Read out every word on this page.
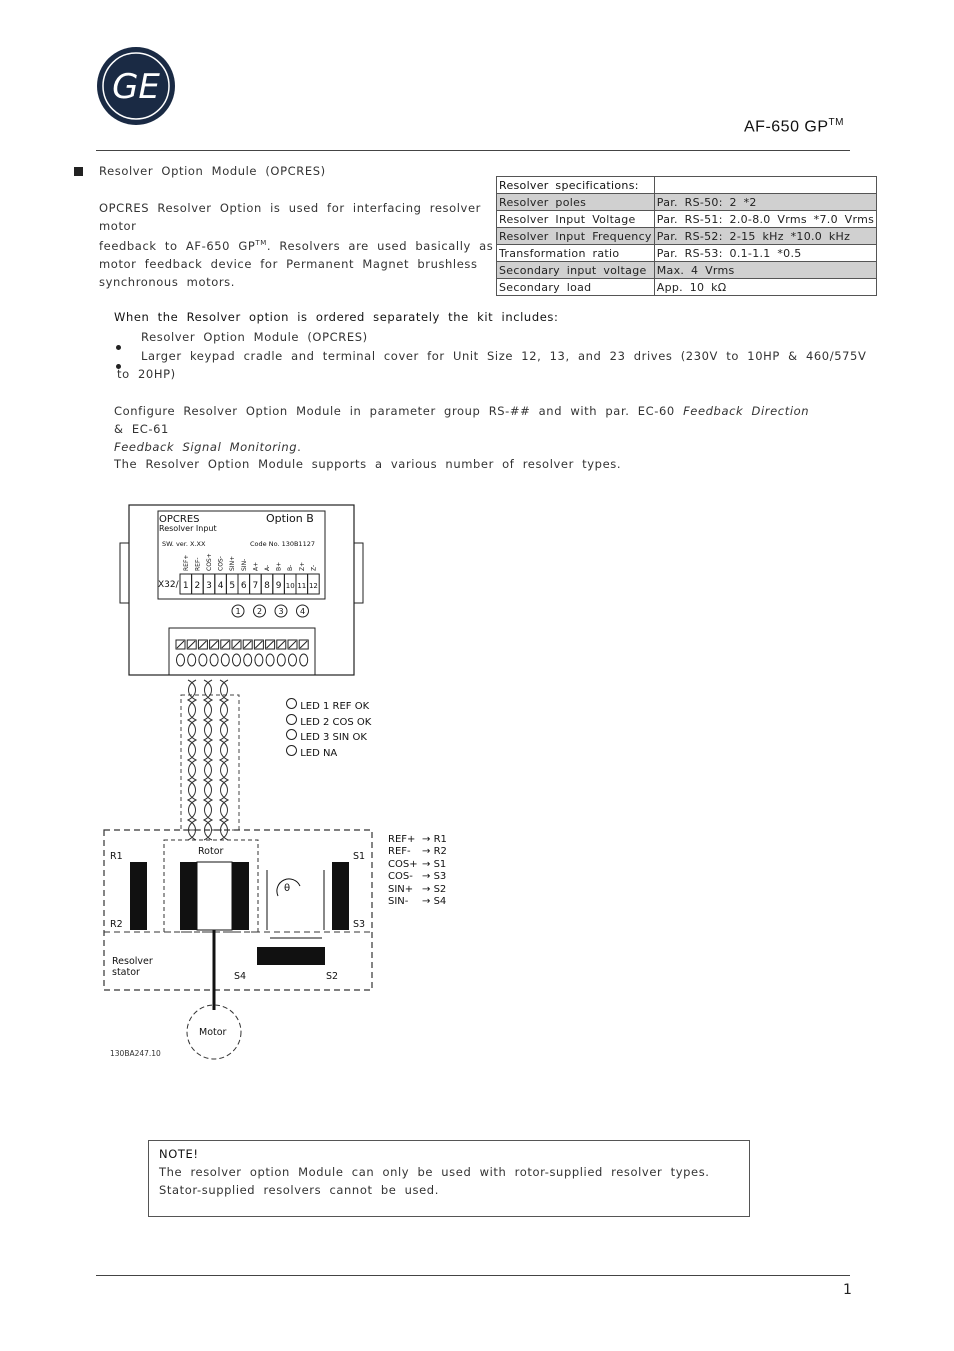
GE
AF-650 GP™
Resolver Option Module (OPCRES)
OPCRES Resolver Option is used for interfacing resolver motor
feedback to AF-650 GP™. Resolvers are used basically as
motor feedback device for Permanent Magnet brushless
synchronous motors.
Resolver specifications:	
Resolver poles	Par. RS-50: 2 *2
Resolver Input Voltage	Par. RS-51: 2.0-8.0 Vrms *7.0 Vrms
Resolver Input Frequency	Par. RS-52: 2-15 kHz *10.0 kHz
Transformation ratio	Par. RS-53: 0.1-1.1 *0.5
Secondary input voltage	Max. 4 Vrms
Secondary load	App. 10 kΩ
When the Resolver option is ordered separately the kit includes:
Resolver Option Module (OPCRES)
Larger keypad cradle and terminal cover for Unit Size 12, 13, and 23 drives (230V to 10HP & 460/575V
to 20HP)
Configure Resolver Option Module in parameter group RS-## and with par. EC-60 Feedback Direction & EC-61
Feedback Signal Monitoring.
The Resolver Option Module supports a various number of resolver types.
OPCRES
Resolver Input
Option B
SW. ver. X.XX	Code No. 130B1127
X32/ 1
REF+
2
REF-
3
COS+
4
COS-
5
SIN+
6
SIN-
7
A+
8
A-
9
B+
10
B-
11
Z+
12
Z-
1 2 3 4
Rotor
θ
R1
R2
S1
S3
S4	S2
Resolver
stator
Motor
130BA247.10
LED 1 REF OK
LED 2 COS OK
LED 3 SIN OK
LED NA
REF+ → R1
REF- → R2
COS+ → S1
COS- → S3
SIN+ → S2
SIN- → S4
NOTE!
The resolver option Module can only be used with rotor-supplied resolver types.
Stator-supplied resolvers cannot be used.
1
